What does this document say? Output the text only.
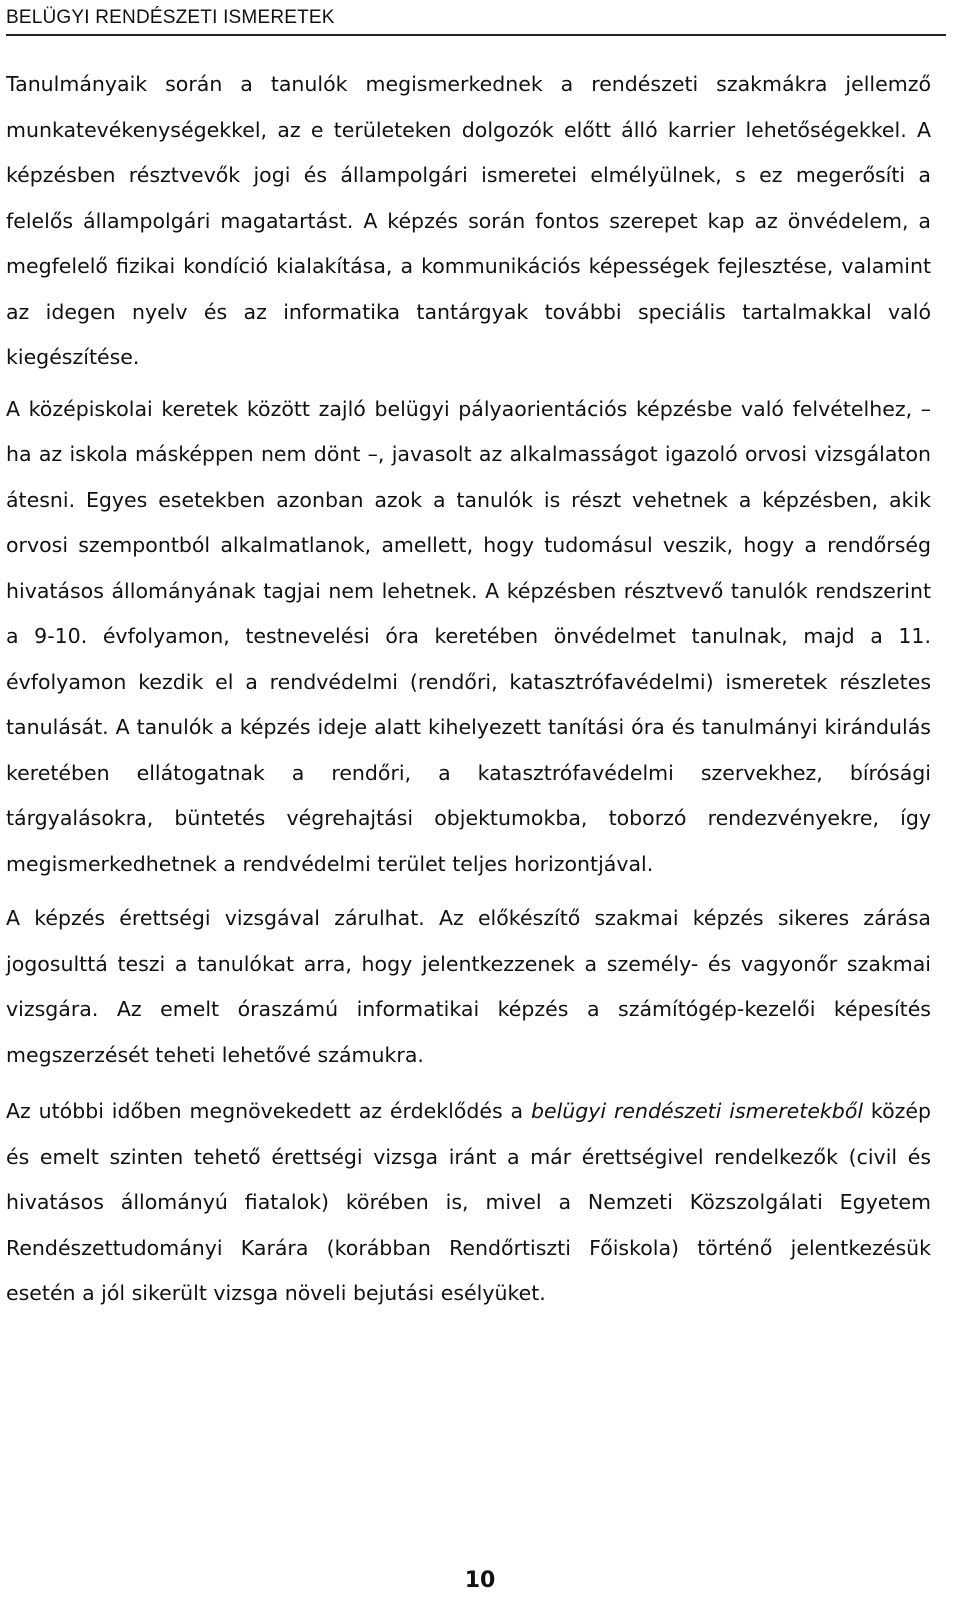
BELÜGYI RENDÉSZETI ISMERETEK

Tanulmányaik során a tanulók megismerkednek a rendészeti szakmákra jellemző munkatevékenységekkel, az e területeken dolgozók előtt álló karrier lehetőségekkel. A képzésben résztvevők jogi és állampolgári ismeretei elmélyülnek, s ez megerősíti a felelős állampolgári magatartást. A képzés során fontos szerepet kap az önvédelem, a megfelelő fizikai kondíció kialakítása, a kommunikációs képességek fejlesztése, valamint az idegen nyelv és az informatika tantárgyak további speciális tartalmakkal való kiegészítése.

A középiskolai keretek között zajló belügyi pályaorientációs képzésbe való felvételhez, – ha az iskola másképpen nem dönt –, javasolt az alkalmasságot igazoló orvosi vizsgálaton átesni. Egyes esetekben azonban azok a tanulók is részt vehetnek a képzésben, akik orvosi szempontból alkalmatlanok, amellett, hogy tudomásul veszik, hogy a rendőrség hivatásos állományának tagjai nem lehetnek. A képzésben résztvevő tanulók rendszerint a 9-10. évfolyamon, testnevelési óra keretében önvédelmet tanulnak, majd a 11. évfolyamon kezdik el a rendvédelmi (rendőri, katasztrófavédelmi) ismeretek részletes tanulását. A tanulók a képzés ideje alatt kihelyezett tanítási óra és tanulmányi kirándulás keretében ellátogatnak a rendőri, a katasztrófavédelmi szervekhez, bírósági tárgyalásokra, büntetés végrehajtási objektumokba, toborzó rendezvényekre, így megismerkedhetnek a rendvédelmi terület teljes horizontjával.

A képzés érettségi vizsgával zárulhat. Az előkészítő szakmai képzés sikeres zárása jogosulttá teszi a tanulókat arra, hogy jelentkezzenek a személy- és vagyonőr szakmai vizsgára. Az emelt óraszámú informatikai képzés a számítógép-kezelői képesítés megszerzését teheti lehetővé számukra.

Az utóbbi időben megnövekedett az érdeklődés a belügyi rendészeti ismeretekből közép és emelt szinten tehető érettségi vizsga iránt a már érettségivel rendelkezők (civil és hivatásos állományú fiatalok) körében is, mivel a Nemzeti Közszolgálati Egyetem Rendészettudományi Karára (korábban Rendőrtiszti Főiskola) történő jelentkezésük esetén a jól sikerült vizsga növeli bejutási esélyüket.

10
